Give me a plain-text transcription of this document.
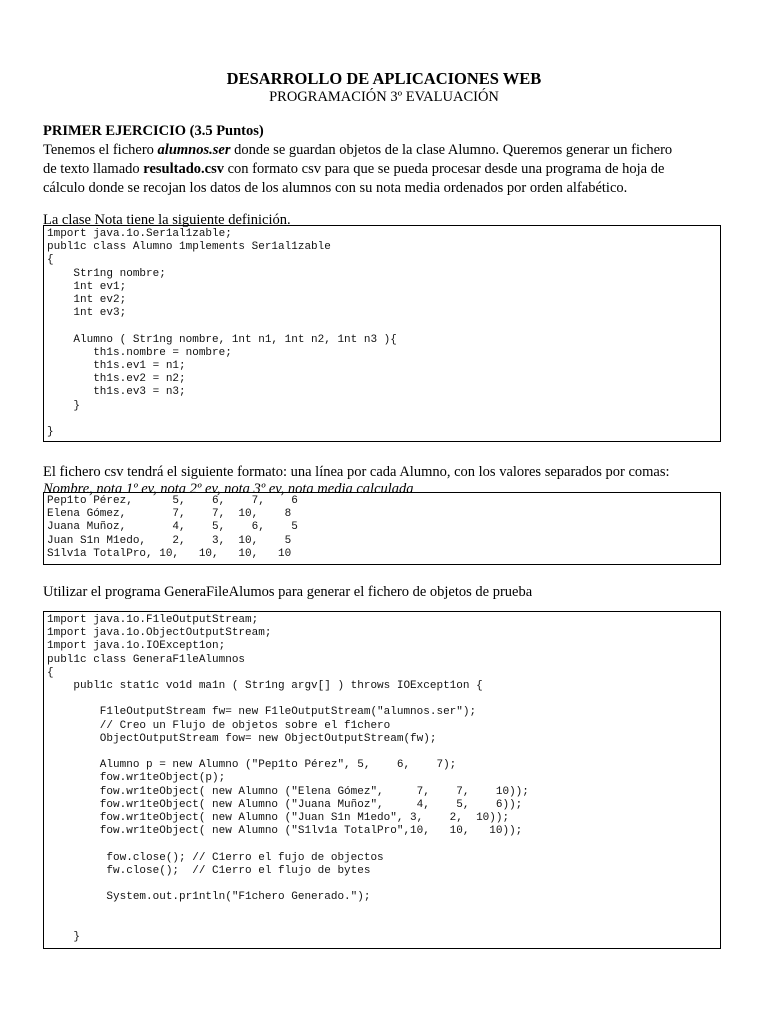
DESARROLLO DE APLICACIONES WEB
PROGRAMACIÓN 3º EVALUACIÓN
PRIMER EJERCICIO (3.5 Puntos)
Tenemos el fichero alumnos.ser donde se guardan objetos de la clase Alumno. Queremos generar un fichero
de texto llamado resultado.csv con formato csv para que se pueda procesar desde una programa de hoja de
cálculo donde se recojan los datos de los alumnos con su nota media ordenados por orden alfabético.
La clase Nota tiene la siguiente definición.
1mport java.1o.Ser1al1zable;
publ1c class Alumno 1mplements Ser1al1zable
{
Str1ng nombre;
1nt ev1;
1nt ev2;
1nt ev3;

Alumno ( Str1ng nombre, 1nt n1, 1nt n2, 1nt n3 ){
th1s.nombre = nombre;
th1s.ev1 = n1;
th1s.ev2 = n2;
th1s.ev3 = n3;
}

}
El fichero csv tendrá el siguiente formato: una línea por cada Alumno, con los valores separados por comas:
Nombre, nota 1º ev, nota 2º ev, nota 3º ev, nota media calculada
Pep1to Pérez,      5,    6,    7,    6
Elena Gómez,       7,    7,  10,    8
Juana Muñoz,       4,    5,    6,    5
Juan S1n M1edo,    2,    3,  10,    5
S1lv1a TotalPro, 10,   10,   10,   10
Utilizar el programa GeneraFileAlumos para generar el fichero de objetos de prueba
1mport java.1o.F1leOutputStream;
1mport java.1o.ObjectOutputStream;
1mport java.1o.IOExcept1on;
publ1c class GeneraF1leAlumnos
{
publ1c stat1c vo1d ma1n ( Str1ng argv[] ) throws IOExcept1on {

F1leOutputStream fw= new F1leOutputStream("alumnos.ser");
// Creo un Flujo de objetos sobre el f1chero
ObjectOutputStream fow= new ObjectOutputStream(fw);

Alumno p = new Alumno ("Pep1to Pérez", 5,    6,    7);
fow.wr1teObject(p);
fow.wr1teObject( new Alumno ("Elena Gómez",     7,    7,    10));
fow.wr1teObject( new Alumno ("Juana Muñoz",     4,    5,    6));
fow.wr1teObject( new Alumno ("Juan S1n M1edo", 3,    2,  10));
fow.wr1teObject( new Alumno ("S1lv1a TotalPro",10,   10,   10));

fow.close(); // C1erro el fujo de objectos
fw.close();  // C1erro el flujo de bytes

System.out.pr1ntln("F1chero Generado.");

}
